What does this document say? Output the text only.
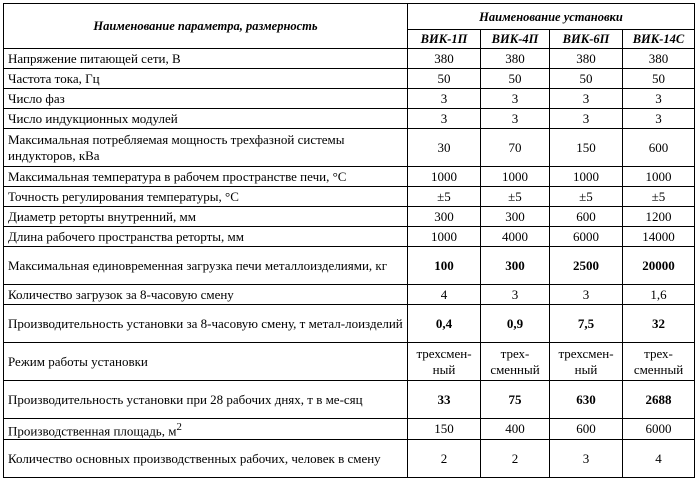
Наименование параметра, размерность	Наименование установки			
	ВИК-1П	ВИК-4П	ВИК-6П	ВИК-14С
Напряжение питающей сети, В	380	380	380	380
Частота тока, Гц	50	50	50	50
Число фаз	3	3	3	3
Число индукционных модулей	3	3	3	3
Максимальная потребляемая мощность трехфазной системы индукторов, кВа	30	70	150	600
Максимальная температура в рабочем пространстве печи, °С	1000	1000	1000	1000
Точность регулирования температуры, °С	±5	±5	±5	±5
Диаметр реторты внутренний, мм	300	300	600	1200
Длина рабочего пространства реторты, мм	1000	4000	6000	14000
Максимальная единовременная загрузка печи металлоизделиями, кг	100	300	2500	20000
Количество загрузок за 8-часовую смену	4	3	3	1,6
Производительность установки за 8-часовую смену, т метал-лоизделий	0,4	0,9	7,5	32
Режим работы установки	трехсмен-ный	трех-сменный	трехсмен-ный	трех-сменный
Производительность установки при 28 рабочих днях, т в ме-сяц	33	75	630	2688
Производственная площадь, $м^2$	150	400	600	6000
Количество основных производственных рабочих, человек в смену	2	2	3	4
